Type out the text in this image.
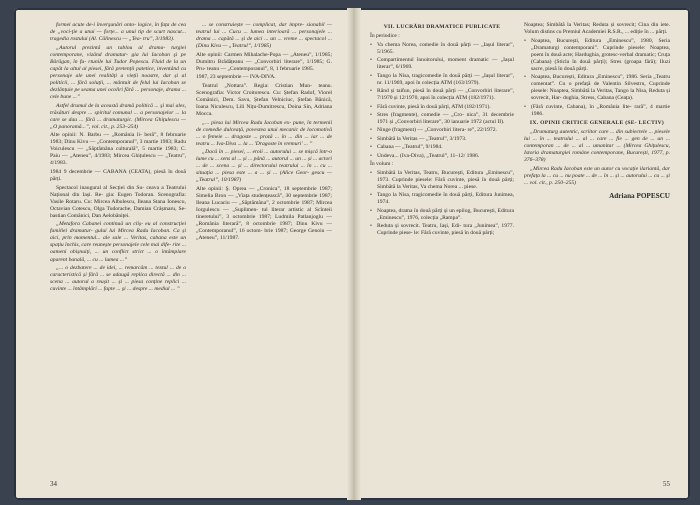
formei acute de-i înverşunări onto- logice, în fața de cea de „voci-ţie a unui — forțe... a unui tip de scurt nascut... tragedia rostului (Al. Călinescu — „Tea- tru”, 3/1983).

„Autorul prezintă un tablou al drama- turgiei contemporane, vizând dramatur- gia lui Iacoban şi pe Bărăgan, în fu- rtunile lui Tudor Popescu. Fluid de la un capăt la altul al piesei, fără pretenții patetice, inventând cu personaje ale unei realități a vieții noastre, dar și al politicii, ... fără soluții, ... mântuit de felul lui Iacoban se dezlănțuie pe seama unei ocoliri fără ... personaje, drama ... cele bune ...”

Astfel drumul de la această dramă politică ... şi mai ales, trăsături despre ... spiritul comunal ... a personajelor ... la care se dau ... fără ... dramaturgic. (Mircea Ghițulescu — „O panoramă...”, vol. cit., p. 253–254)

Alte opinii: N. Barbu — „România li- beră”, 8 februarie 1983; Dinu Kivu — „Contemporanul”, 3 martie 1983; Radu Voiculescu — „Săptămâna culturală”, 5 martie 1983; C. Paiu — „Ateneu”, 4/1983; Mircea Ghițulescu — „Teatru”, 4/1983.

1984 9 decembrie — CABANA (CEATA), piesă în două părți.

Spectacol inaugural al Secției din Su- ceava a Teatrului Național din Iași. Re- gia: Eugen Todoran. Scenografia: Vasile Rotaru. Cu: Mircea Albulescu, Ileana Stana Ionescu, Octavian Cotescu, Olga Tudorache, Damian Crâșmaru, Se- bastian Comănici, Dan Aelobăniței.

„Metafora Cabanei continuă un cliș- eu al construcției familiei dramatur- gului lui Mircea Radu Iacoban. Ca și aici, prin momentul... ale sale ... Veritas, cabana este un spațiu închis, care reunește personajele cele mai dife- rite ... oameni obișnuiți, ... un conflict strict ... o întâmplare aparent banală, ... cu ... lumea ...”

„... o dezbatere ... de idei, ... remarcăm ... textul ... de o caracteristică și fără ... se adaugă replica directă ... din ... scena ... autorul a reușit ... și ... piesa conține replici ... cuvinte ... întâmplări ... fapte ... şi ... despre ... mediul ... ”

... se construiește — complicat, dar impre- sionabil — teatrul lui ... Cucu ... lumea interioară ... personajele ... drama ... capătă ... și de aici ... un ... vreme ... spectacol ... (Dinu Kivu — „Teatrul”, 1/1985)

Alte opinii: Carmen Mihalache-Popa — „Ateneu”, 1/1985; Dumitru Brădățeanu — „Convorbiri literare”, 1/1985; G. Pru- teanu — „Contemporanul”, 8, 1 februarie 1985.

1987, 23 septembrie — IVA-DIVA.

Teatrul „Nottara”. Regia: Cristian Mun- teanu. Scenografia: Victor Croitorescu. Cu: Ștefan Radof, Viorel Comănici, Dem. Savu, Ștefan Velniciuc, Ștefan Bănică, Ioana Niculescu, Lili Nițu-Dumitrescu, Doina Sin, Adriana Mocca.

„... piesa lui Mircea Radu Iacoban ex- pune, în termenii de comedie dulceață, povestea unui mecanic de locomotivă ... o femeie ... dragoste ... proză ... în ... din ... iar ... de teatru ... Iva-Diva ... la ... 'Dragoste în vremuri' ... ”

„Dacă în ... piesei, ... eroii ... autorului ... se mișcă într-o lume cu ... sens al ... și ... până ... autorul ... un ... și ... actori ... de ... scena ... și ... directorului teatrului ... în ... cu ... situația ... piesa este ... a ... și ... (Alice Geor- gescu — „Teatrul”, 10/1987)

Alte opinii: Ş. Oprea — „Cronica”, 18 septembrie 1987; Simelia Bron — „Viața studențească”, 30 septembrie 1987; Ileana Lucaciu — „Săptămâna”, 2 octombrie 1987; Mircea Iorgulescu — „Suplimen- tul literar artistic al Scînteii tineretului”, 3 octombrie 1987; Ludmila Patlanjoglu — „România literară”, 8 octombrie 1987; Dinu Kivu — „Contemporanul”, 16 octom- brie 1987; George Genoiu — „Ateneu”, 11/1987.

34
VII. LUCRĂRI DRAMATICE PUBLICATE

În periodice :

• Va chema Norea, comedie în două părți — „Iașul literar”, 5/1965.
• Compartimentul înnoitorului, moment dramatic — „Iașul literar”, 6/1969.
• Tango la Nisa, tragicomedie în două părți — „Iașul literar”, nr. 11/1969, apoi în colecția ATM (163/1979).
• Rând și taifun, piesă în două părți — „Convorbiri literare”, 7/1970 și 12/1970, apoi în colecția ATM (182/1971).
• Fără cuvinte, piesă în două părți, ATM (182/1971).
• Stres (fragmente), comedie — „Cro- nica”, 31 decembrie 1971 și „Convorbiri literare”, 30 ianuarie 1972 (actul II).
• Ninge (fragment) — „Convorbiri litera- re”, 22/1972.
• Simbătă la Veritas — „Teatrul”, 3/1973.
• Cabana — „Teatrul”, 9/1984.
• Undeva... (Iva-Diva), „Teatrul”, 11–12/ 1986.

În volum :

• Simbătă la Veritas, Teatru, București, Editura „Eminescu”, 1973. Cuprinde piesele: Fără cuvinte, piesă în două părți; Simbătă la Veritas, Va chema Norea ... piese.
• Tango la Nisa, tragicomedie în două părți, Editura Junimea, 1974.
• Noaptea, drama în două părți și un epilog, București, Editura „Eminescu”, 1976, colecția „Rampa”.
• Reduta și sovrecit. Teatru, Iași, Edi- tura „Junimea”, 1977. Cuprinde piese- le: Fără cuvinte, piesă în două părți;

Noaptea; Simbătă la Veritas; Reduta și sovrecit; Cina din iete. Volum distins cu Premiul Academiei R.S.R., ... ediție în ... părți.

• Noaptea, București, Editura „Eminescu”, 1980, Seria „Dramaturgi contemporani”. Cuprinde piesele: Noaptea, poem în două acte; Hardughia, grotesc-verbal dramatic; Cruța (Cabana) (Sticla în două părți); Stres (groapa fără); Iluzi sacre, piesă în două părți.
• Noaptea, București, Editura „Eminescu”, 1986. Seria „Teatru comentat”. Cu o prefață de Valentin Silvestru, Cuprinde piesele: Noaptea, Simbătă la Veritas, Tango la Nisa, Reduta și sovrecit, Har- dughia, Stress, Cabana (Ceața).
• (Fără cuvinte, Cabana), în „România lite- rară”, 4 martie 1986.
IX. OPINII CRITICE GENERALE (SE- LECTIV)

„Dramaturg autentic, scriitor care ... din subiectele ... piesele lui ... în ... teatrului ... al ... care ... fie ... gen de ... un ... contemporan ... de ... al ... umanitar ... (Mircea Ghițulescu, Istoria dramaturgiei române contemporane, București, 1977, p. 376–378)

„Mircea Radu Iacoban este un autor cu vocație ilariantă, dar prefața la ... cu ... nu poate ... de ... în ... și ... autorului ... cu ... și ... vol. cit., p. 250–255)

Adriana POPESCU
55
